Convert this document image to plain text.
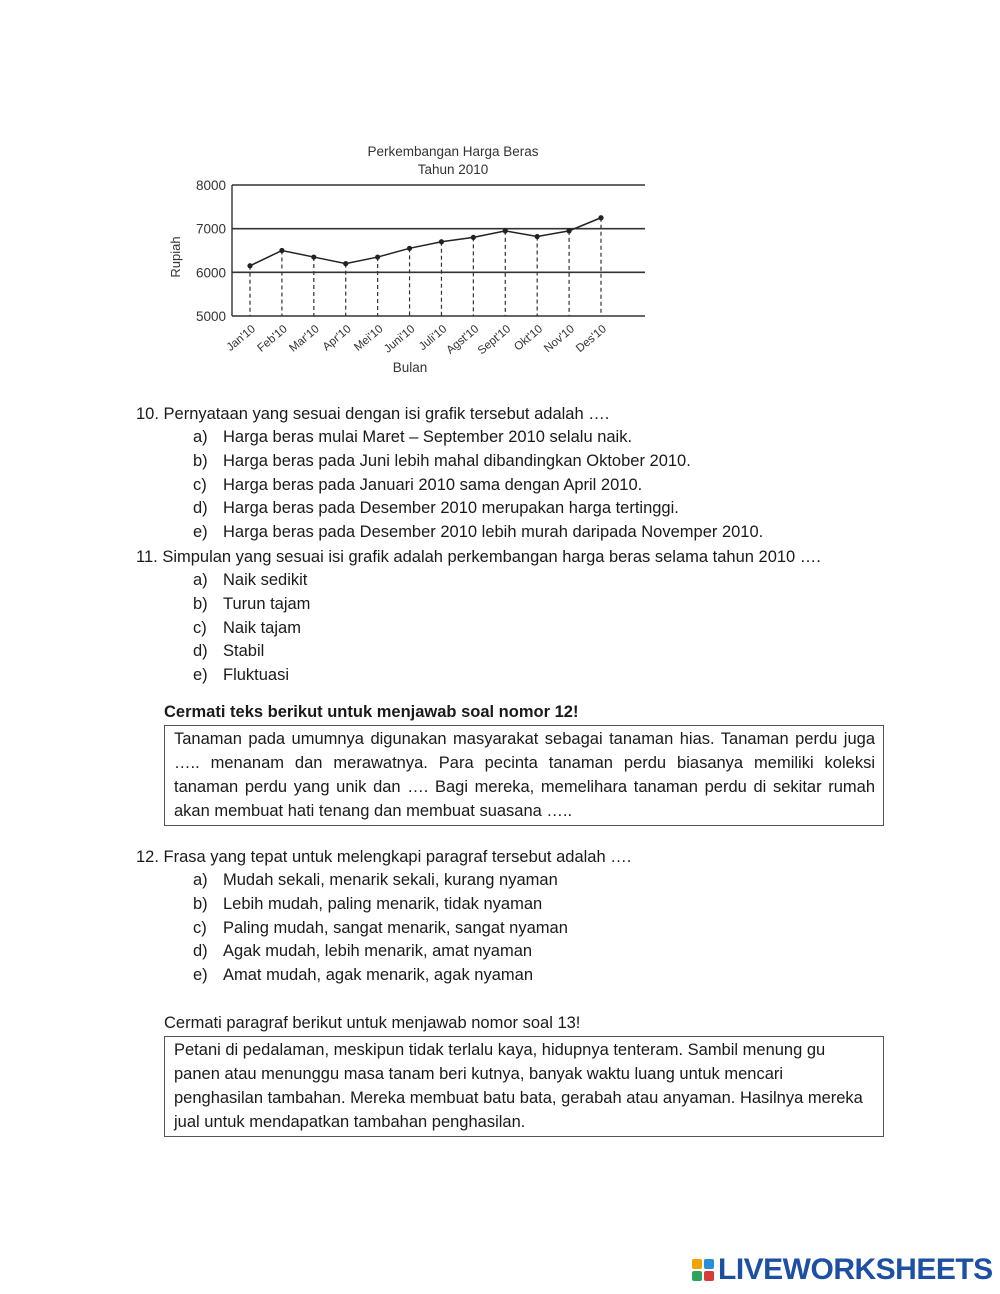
Perkembangan Harga Beras
Tahun 2010
Rupiah
Bulan
5000
6000
7000
8000
Jan'10
Feb'10
Mar'10 Apr'10
Mei'10
Juni'10 Juli'10
Agst'10
Sept'10
Okt'10
Nov'10
Des'10
10. Pernyataan yang sesuai dengan isi grafik tersebut adalah ….
a) Harga beras mulai Maret – September 2010 selalu naik.
b) Harga beras pada Juni lebih mahal dibandingkan Oktober 2010.
c) Harga beras pada Januari 2010 sama dengan April 2010.
d) Harga beras pada Desember 2010 merupakan harga tertinggi.
e) Harga beras pada Desember 2010 lebih murah daripada Novemper 2010.
11. Simpulan yang sesuai isi grafik adalah perkembangan harga beras selama tahun 2010 ….
a) Naik sedikit
b) Turun tajam
c) Naik tajam
d) Stabil
e) Fluktuasi
Cermati teks berikut untuk menjawab soal nomor 12!
Tanaman pada umumnya digunakan masyarakat sebagai tanaman hias. Tanaman perdu juga ….. menanam dan merawatnya. Para pecinta tanaman perdu biasanya memiliki koleksi tanaman perdu yang unik dan …. Bagi mereka, memelihara tanaman perdu di sekitar rumah akan membuat hati tenang dan membuat suasana …..
12. Frasa yang tepat untuk melengkapi paragraf tersebut adalah ….
a) Mudah sekali, menarik sekali, kurang nyaman
b) Lebih mudah, paling menarik, tidak nyaman
c) Paling mudah, sangat menarik, sangat nyaman
d) Agak mudah, lebih menarik, amat nyaman
e) Amat mudah, agak menarik, agak nyaman
Cermati paragraf berikut untuk menjawab nomor soal 13!
Petani di pedalaman, meskipun tidak terlalu kaya, hidupnya tenteram. Sambil menung gu panen atau menunggu masa tanam beri kutnya, banyak waktu luang untuk mencari penghasilan tambahan. Mereka membuat batu bata, gerabah atau anyaman. Hasilnya mereka jual untuk mendapatkan tambahan penghasilan.
LIVEWORKSHEETS
